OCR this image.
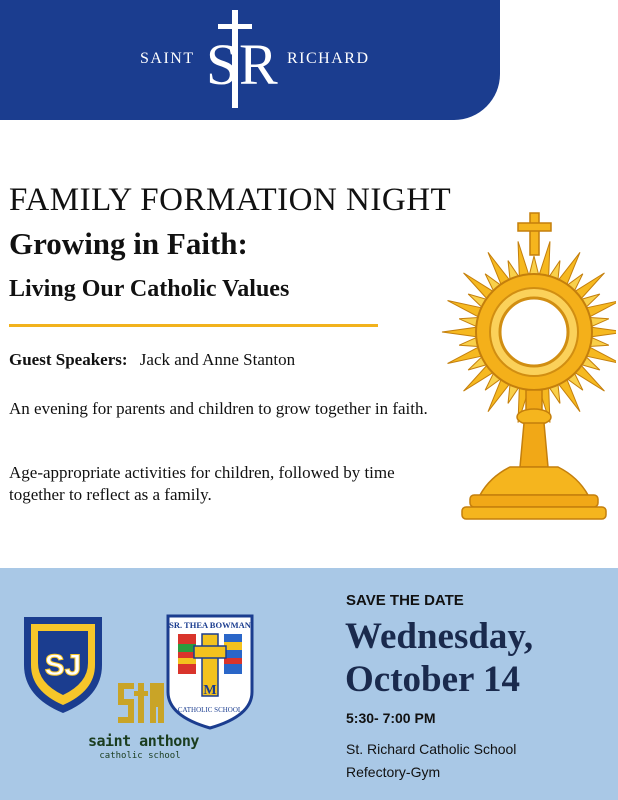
SAINT S R RICHARD
FAMILY FORMATION NIGHT
Growing in Faith:
Living Our Catholic Values
Guest Speakers: Jack and Anne Stanton
An evening for parents and children to grow together in faith.
Age-appropriate activities for children, followed by time together to reflect as a family.
SJ
saint anthony
catholic school
SR. THEA BOWMAN
M
CATHOLIC SCHOOL
SAVE THE DATE
Wednesday,
October 14
5:30- 7:00 PM
St. Richard Catholic School
Refectory-Gym
